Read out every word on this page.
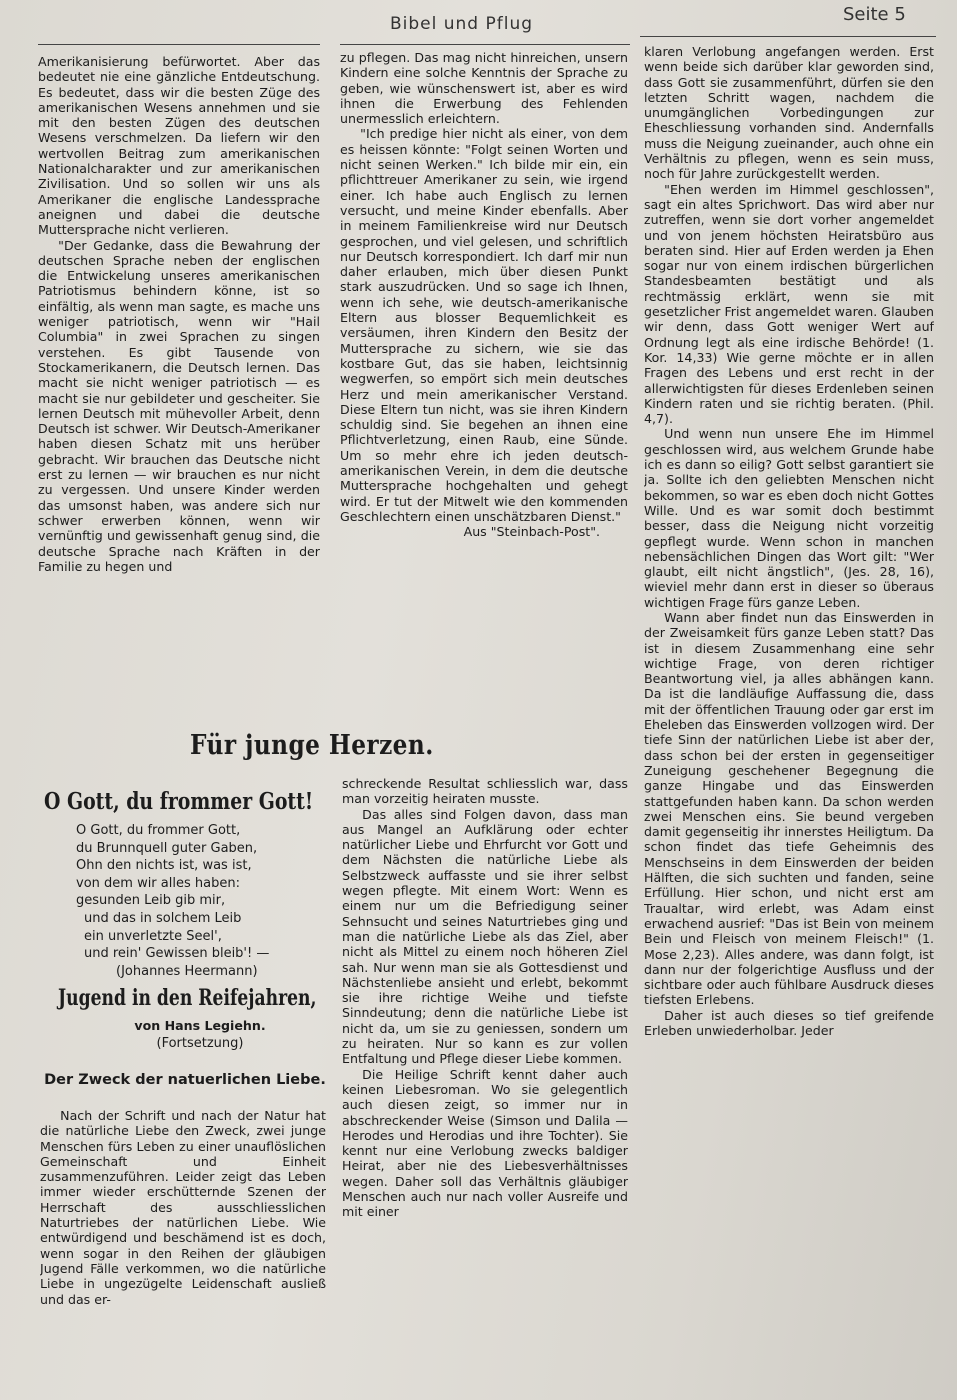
Bibel und Pflug	Seite 5

Amerikanisierung befürwortet. Aber das bedeutet nie eine gänzliche Entdeutschung. Es bedeutet, dass wir die besten Züge des amerikanischen Wesens annehmen und sie mit den besten Zügen des deutschen Wesens verschmelzen. Da liefern wir den wertvollen Beitrag zum amerikanischen Nationalcharakter und zur amerikanischen Zivilisation. Und so sollen wir uns als Amerikaner die englische Landessprache aneignen und dabei die deutsche Muttersprache nicht verlieren.

"Der Gedanke, dass die Bewahrung der deutschen Sprache neben der englischen die Entwickelung unseres amerikanischen Patriotismus behindern könne, ist so einfältig, als wenn man sagte, es mache uns weniger patriotisch, wenn wir "Hail Columbia" in zwei Sprachen zu singen verstehen. Es gibt Tausende von Stockamerikanern, die Deutsch lernen. Das macht sie nicht weniger patriotisch — es macht sie nur gebildeter und gescheiter. Sie lernen Deutsch mit mühevoller Arbeit, denn Deutsch ist schwer. Wir Deutsch-Amerikaner haben diesen Schatz mit uns herüber gebracht. Wir brauchen das Deutsche nicht erst zu lernen — wir brauchen es nur nicht zu vergessen. Und unsere Kinder werden das umsonst haben, was andere sich nur schwer erwerben können, wenn wir vernünftig und gewissenhaft genug sind, die deutsche Sprache nach Kräften in der Familie zu hegen und

zu pflegen. Das mag nicht hinreichen, unsern Kindern eine solche Kenntnis der Sprache zu geben, wie wünschenswert ist, aber es wird ihnen die Erwerbung des Fehlenden unermesslich erleichtern.

"Ich predige hier nicht als einer, von dem es heissen könnte: "Folgt seinen Worten und nicht seinen Werken." Ich bilde mir ein, ein pflichttreuer Amerikaner zu sein, wie irgend einer. Ich habe auch Englisch zu lernen versucht, und meine Kinder ebenfalls. Aber in meinem Familienkreise wird nur Deutsch gesprochen, und viel gelesen, und schriftlich nur Deutsch korrespondiert. Ich darf mir nun daher erlauben, mich über diesen Punkt stark auszudrücken. Und so sage ich Ihnen, wenn ich sehe, wie deutsch-amerikanische Eltern aus blosser Bequemlichkeit es versäumen, ihren Kindern den Besitz der Muttersprache zu sichern, wie sie das kostbare Gut, das sie haben, leichtsinnig wegwerfen, so empört sich mein deutsches Herz und mein amerikanischer Verstand. Diese Eltern tun nicht, was sie ihren Kindern schuldig sind. Sie begehen an ihnen eine Pflichtverletzung, einen Raub, eine Sünde. Um so mehr ehre ich jeden deutsch-amerikanischen Verein, in dem die deutsche Muttersprache hochgehalten und gehegt wird. Er tut der Mitwelt wie den kommenden Geschlechtern einen unschätzbaren Dienst."

Aus "Steinbach-Post".

klaren Verlobung angefangen werden. Erst wenn beide sich darüber klar geworden sind, dass Gott sie zusammenführt, dürfen sie den letzten Schritt wagen, nachdem die unumgänglichen Vorbedingungen zur Eheschliessung vorhanden sind. Andernfalls muss die Neigung zueinander, auch ohne ein Verhältnis zu pflegen, wenn es sein muss, noch für Jahre zurückgestellt werden.

"Ehen werden im Himmel geschlossen", sagt ein altes Sprichwort. Das wird aber nur zutreffen, wenn sie dort vorher angemeldet und von jenem höchsten Heiratsbüro aus beraten sind. Hier auf Erden werden ja Ehen sogar nur von einem irdischen bürgerlichen Standesbeamten bestätigt und als rechtmässig erklärt, wenn sie mit gesetzlicher Frist angemeldet waren. Glauben wir denn, dass Gott weniger Wert auf Ordnung legt als eine irdische Behörde! (1. Kor. 14,33) Wie gerne möchte er in allen Fragen des Lebens und erst recht in der allerwichtigsten für dieses Erdenleben seinen Kindern raten und sie richtig beraten. (Phil. 4,7).

Und wenn nun unsere Ehe im Himmel geschlossen wird, aus welchem Grunde habe ich es dann so eilig? Gott selbst garantiert sie ja. Sollte ich den geliebten Menschen nicht bekommen, so war es eben doch nicht Gottes Wille. Und es war somit doch bestimmt besser, dass die Neigung nicht vorzeitig gepflegt wurde. Wenn schon in manchen nebensächlichen Dingen das Wort gilt: "Wer glaubt, eilt nicht ängstlich", (Jes. 28, 16), wieviel mehr dann erst in dieser so überaus wichtigen Frage fürs ganze Leben.

Wann aber findet nun das Einswerden in der Zweisamkeit fürs ganze Leben statt? Das ist in diesem Zusammenhang eine sehr wichtige Frage, von deren richtiger Beantwortung viel, ja alles abhängen kann. Da ist die landläufige Auffassung die, dass mit der öffentlichen Trauung oder gar erst im Eheleben das Einswerden vollzogen wird. Der tiefe Sinn der natürlichen Liebe ist aber der, dass schon bei der ersten in gegenseitiger Zuneigung geschehener Begegnung die ganze Hingabe und das Einswerden stattgefunden haben kann. Da schon werden zwei Menschen eins. Sie beund vergeben damit gegenseitig ihr innerstes Heiligtum. Da schon findet das tiefe Geheimnis des Menschseins in dem Einswerden der beiden Hälften, die sich suchten und fanden, seine Erfüllung. Hier schon, und nicht erst am Traualtar, wird erlebt, was Adam einst erwachend ausrief: "Das ist Bein von meinem Bein und Fleisch von meinem Fleisch!" (1. Mose 2,23). Alles andere, was dann folgt, ist dann nur der folgerichtige Ausfluss und der sichtbare oder auch fühlbare Ausdruck dieses tiefsten Erlebens.

Daher ist auch dieses so tief greifende Erleben unwiederholbar. Jeder

Für junge Herzen.
O Gott, du frommer Gott!
O Gott, du frommer Gott,
du Brunnquell guter Gaben,
Ohn den nichts ist, was ist,
von dem wir alles haben:
gesunden Leib gib mir,
und das in solchem Leib
ein unverletzte Seel',
und rein' Gewissen bleib'! —
(Johannes Heermann)
Jugend in den Reifejahren,
von Hans Legiehn.
(Fortsetzung)
Der Zweck der natuerlichen Liebe.

Nach der Schrift und nach der Natur hat die natürliche Liebe den Zweck, zwei junge Menschen fürs Leben zu einer unauflöslichen Gemeinschaft und Einheit zusammenzuführen. Leider zeigt das Leben immer wieder erschütternde Szenen der Herrschaft des ausschliesslichen Naturtriebes der natürlichen Liebe. Wie entwürdigend und beschämend ist es doch, wenn sogar in den Reihen der gläubigen Jugend Fälle verkommen, wo die natürliche Liebe in ungezügelte Leidenschaft ausließ und das er-

schreckende Resultat schliesslich war, dass man vorzeitig heiraten musste.

Das alles sind Folgen davon, dass man aus Mangel an Aufklärung oder echter natürlicher Liebe und Ehrfurcht vor Gott und dem Nächsten die natürliche Liebe als Selbstzweck auffasste und sie ihrer selbst wegen pflegte. Mit einem Wort: Wenn es einem nur um die Befriedigung seiner Sehnsucht und seines Naturtriebes ging und man die natürliche Liebe als das Ziel, aber nicht als Mittel zu einem noch höheren Ziel sah. Nur wenn man sie als Gottesdienst und Nächstenliebe ansieht und erlebt, bekommt sie ihre richtige Weihe und tiefste Sinndeutung; denn die natürliche Liebe ist nicht da, um sie zu geniessen, sondern um zu heiraten. Nur so kann es zur vollen Entfaltung und Pflege dieser Liebe kommen.

Die Heilige Schrift kennt daher auch keinen Liebesroman. Wo sie gelegentlich auch diesen zeigt, so immer nur in abschreckender Weise (Simson und Dalila — Herodes und Herodias und ihre Tochter). Sie kennt nur eine Verlobung zwecks baldiger Heirat, aber nie des Liebesverhältnisses wegen. Daher soll das Verhältnis gläubiger Menschen auch nur nach voller Ausreife und mit einer
